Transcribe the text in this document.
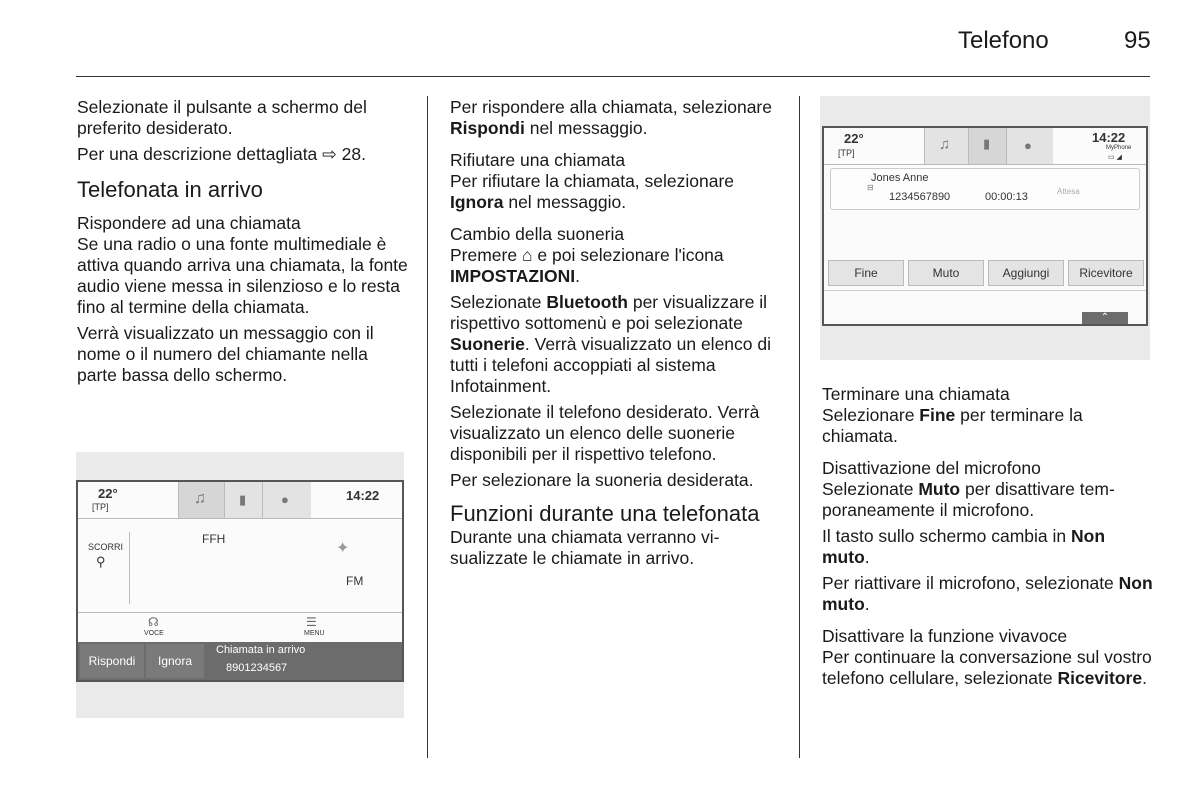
Telefono	95

Selezionate il pulsante a schermo del preferito desiderato.

Per una descrizione dettagliata ⇨ 28.

Telefonata in arrivo
Rispondere ad una chiamata

Se una radio o una fonte multimediale è attiva quando arriva una chiamata, la fonte audio viene messa in silenzioso e lo resta fino al termine della chiamata.

Verrà visualizzato un messaggio con il nome o il numero del chiamante nella parte bassa dello schermo.

22°
[TP]	♫	▮	●	14:22
SCORRI
⚲
FFH
✦
FM
☊
VOCE
☰
MENU
Rispondi	Ignora
Chiamata in arrivo
8901234567

Per rispondere alla chiamata, selezionare Rispondi nel messaggio.

Rifiutare una chiamata

Per rifiutare la chiamata, selezionare Ignora nel messaggio.

Cambio della suoneria

Premere ⌂ e poi selezionare l'icona IMPOSTAZIONI.

Selezionate Bluetooth per visualizzare il rispettivo sottomenù e poi selezionate Suonerie. Verrà visualizzato un elenco di tutti i telefoni accoppiati al sistema Infotainment.

Selezionate il telefono desiderato. Verrà visualizzato un elenco delle suonerie disponibili per il rispettivo telefono.

Per selezionare la suoneria desiderata.

Funzioni durante una telefonata

Durante una chiamata verranno visualizzate le chiamate in arrivo.

22°
[TP]	♫	▮	●
14:22
MyPhone
▭ ◢
Jones Anne
⊟
1234567890	00:00:13	Attesa
Fine	Muto	Aggiungi	Ricevitore
⌃
Terminare una chiamata

Selezionare Fine per terminare la chiamata.

Disattivazione del microfono

Selezionate Muto per disattivare temporaneamente il microfono.

Il tasto sullo schermo cambia in Non muto.

Per riattivare il microfono, selezionate Non muto.

Disattivare la funzione vivavoce

Per continuare la conversazione sul vostro telefono cellulare, selezionate Ricevitore.
